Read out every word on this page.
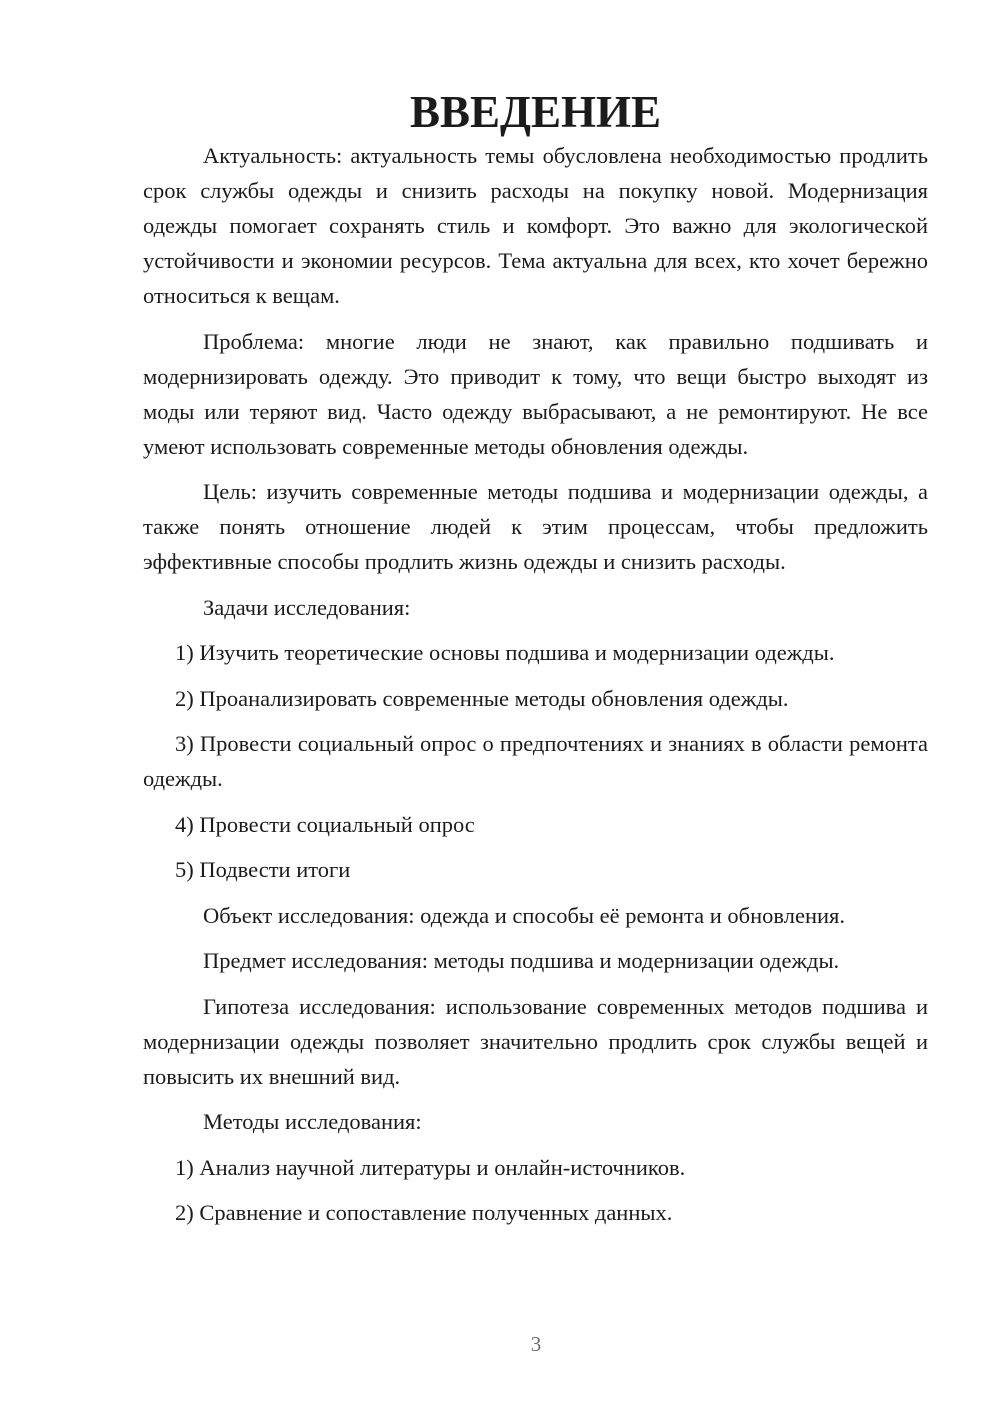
ВВЕДЕНИЕ

Актуальность: актуальность темы обусловлена необходимостью продлить срок службы одежды и снизить расходы на покупку новой. Модернизация одежды помогает сохранять стиль и комфорт. Это важно для экологической устойчивости и экономии ресурсов. Тема актуальна для всех, кто хочет бережно относиться к вещам.

Проблема: многие люди не знают, как правильно подшивать и модернизировать одежду. Это приводит к тому, что вещи быстро выходят из моды или теряют вид. Часто одежду выбрасывают, а не ремонтируют. Не все умеют использовать современные методы обновления одежды.

Цель: изучить современные методы подшива и модернизации одежды, а также понять отношение людей к этим процессам, чтобы предложить эффективные способы продлить жизнь одежды и снизить расходы.

Задачи исследования:

1) Изучить теоретические основы подшива и модернизации одежды.

2) Проанализировать современные методы обновления одежды.

3) Провести социальный опрос о предпочтениях и знаниях в области ремонта одежды.

4) Провести социальный опрос

5) Подвести итоги

Объект исследования: одежда и способы её ремонта и обновления.

Предмет исследования: методы подшива и модернизации одежды.

Гипотеза исследования: использование современных методов подшива и модернизации одежды позволяет значительно продлить срок службы вещей и повысить их внешний вид.

Методы исследования:

1) Анализ научной литературы и онлайн-источников.

2) Сравнение и сопоставление полученных данных.

3
